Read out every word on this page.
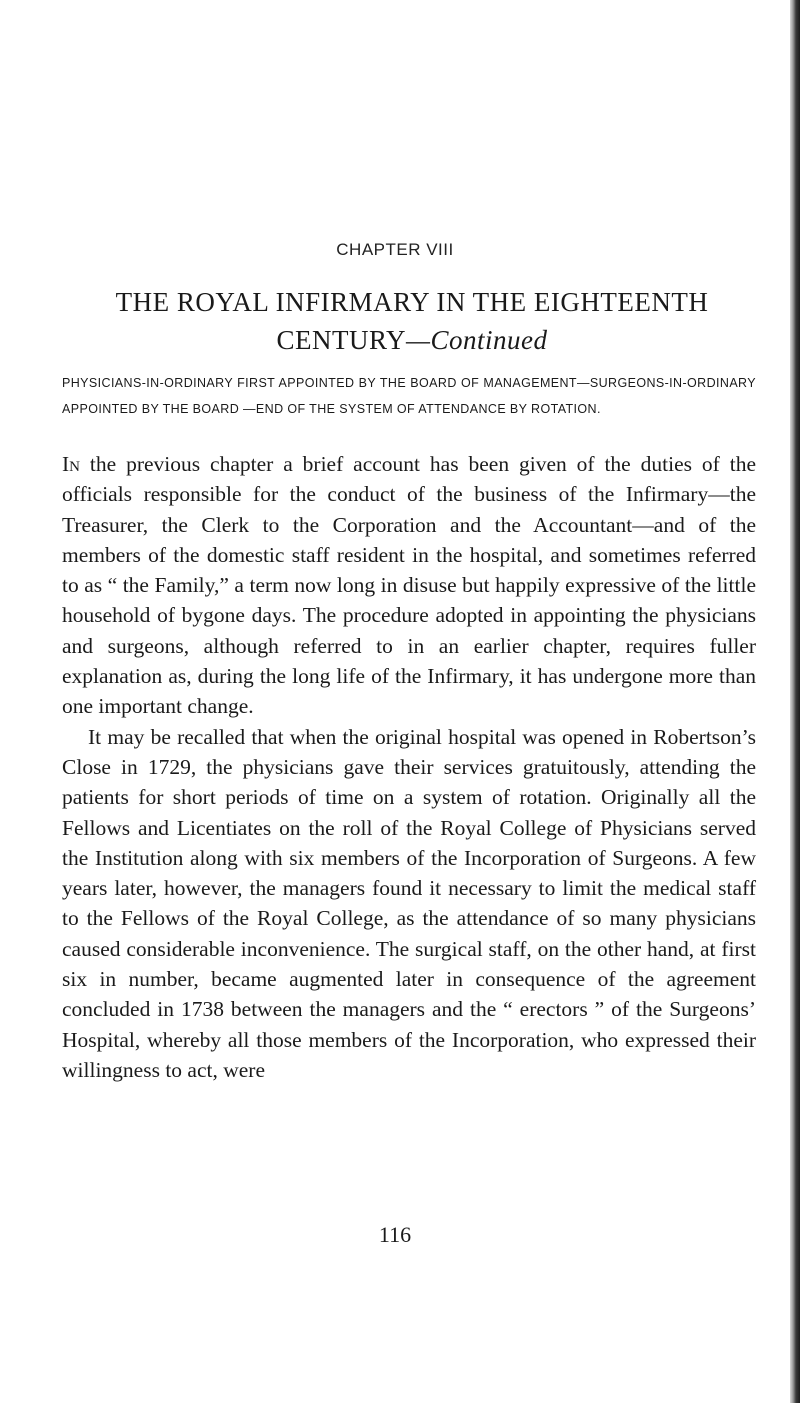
CHAPTER VIII
THE ROYAL INFIRMARY IN THE EIGHTEENTH CENTURY—Continued
PHYSICIANS-IN-ORDINARY FIRST APPOINTED BY THE BOARD OF MANAGEMENT—SURGEONS-IN-ORDINARY APPOINTED BY THE BOARD —END OF THE SYSTEM OF ATTENDANCE BY ROTATION.

In the previous chapter a brief account has been given of the duties of the officials responsible for the conduct of the business of the Infirmary—the Treasurer, the Clerk to the Corporation and the Accountant—and of the members of the domestic staff resident in the hospital, and sometimes referred to as “ the Family,” a term now long in disuse but happily expressive of the little household of bygone days. The procedure adopted in appointing the physicians and surgeons, although referred to in an earlier chapter, requires fuller explanation as, during the long life of the Infirmary, it has undergone more than one important change.

It may be recalled that when the original hospital was opened in Robertson’s Close in 1729, the physicians gave their services gratuitously, attending the patients for short periods of time on a system of rotation. Originally all the Fellows and Licentiates on the roll of the Royal College of Physicians served the Institution along with six members of the Incorporation of Surgeons. A few years later, however, the managers found it necessary to limit the medical staff to the Fellows of the Royal College, as the attendance of so many physicians caused considerable inconvenience. The surgical staff, on the other hand, at first six in number, became augmented later in consequence of the agreement concluded in 1738 between the managers and the “ erectors ” of the Surgeons’ Hospital, whereby all those members of the Incorporation, who expressed their willingness to act, were

116
